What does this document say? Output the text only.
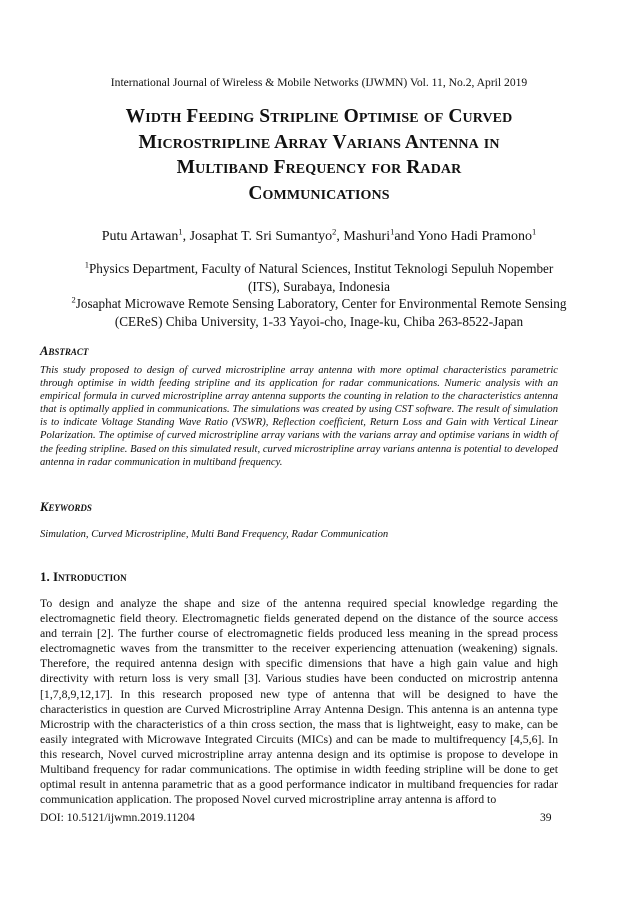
International Journal of Wireless & Mobile Networks (IJWMN) Vol. 11, No.2, April 2019
Width Feeding Stripline Optimise of Curved
Microstripline Array Varians Antenna in
Multiband Frequency for Radar
Communications
Putu Artawan$^1$, Josaphat T. Sri Sumantyo$^2$, Mashuri$^1$and Yono Hadi Pramono$^1$
$^1$Physics Department, Faculty of Natural Sciences, Institut Teknologi Sepuluh Nopember (ITS), Surabaya, Indonesia
$^2$Josaphat Microwave Remote Sensing Laboratory, Center for Environmental Remote Sensing (CEReS) Chiba University, 1-33 Yayoi-cho, Inage-ku, Chiba 263-8522-Japan
Abstract
This study proposed to design of curved microstripline array antenna with more optimal characteristics parametric through optimise in width feeding stripline and its application for radar communications. Numeric analysis with an empirical formula in curved microstripline array antenna supports the counting in relation to the characteristics antenna that is optimally applied in communications. The simulations was created by using CST software. The result of simulation is to indicate Voltage Standing Wave Ratio (VSWR), Reflection coefficient, Return Loss and Gain with Vertical Linear Polarization. The optimise of curved microstripline array varians with the varians array and optimise varians in width of the feeding stripline. Based on this simulated result, curved microstripline array varians antenna is potential to developed antenna in radar communication in multiband frequency.
Keywords
Simulation, Curved Microstripline, Multi Band Frequency, Radar Communication
1. Introduction
To design and analyze the shape and size of the antenna required special knowledge regarding the electromagnetic field theory. Electromagnetic fields generated depend on the distance of the source access and terrain [2]. The further course of electromagnetic fields produced less meaning in the spread process electromagnetic waves from the transmitter to the receiver experiencing attenuation (weakening) signals. Therefore, the required antenna design with specific dimensions that have a high gain value and high directivity with return loss is very small [3]. Various studies have been conducted on microstrip antenna [1,7,8,9,12,17]. In this research proposed new type of antenna that will be designed to have the characteristics in question are Curved Microstripline Array Antenna Design. This antenna is an antenna type Microstrip with the characteristics of a thin cross section, the mass that is lightweight, easy to make, can be easily integrated with Microwave Integrated Circuits (MICs) and can be made to multifrequency [4,5,6]. In this research, Novel curved microstripline array antenna design and its optimise is propose to develope in Multiband frequency for radar communications. The optimise in width feeding stripline will be done to get optimal result in antenna parametric that as a good performance indicator in multiband frequencies for radar communication application. The proposed Novel curved microstripline array antenna is afford to
DOI: 10.5121/ijwmn.2019.11204	39
